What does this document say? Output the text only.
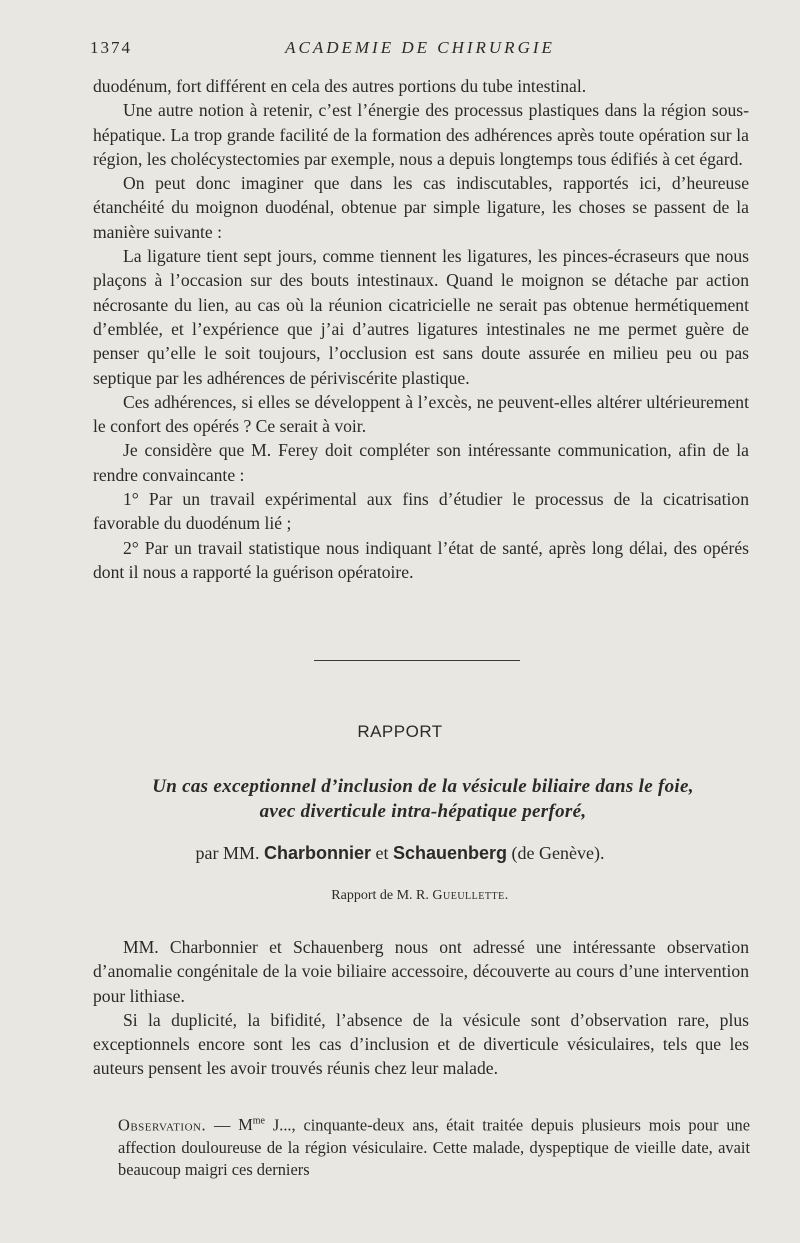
1374	ACADEMIE DE CHIRURGIE

duodénum, fort différent en cela des autres portions du tube intestinal.

Une autre notion à retenir, c’est l’énergie des processus plastiques dans la région sous-hépatique. La trop grande facilité de la formation des adhérences après toute opération sur la région, les cholécystectomies par exemple, nous a depuis longtemps tous édifiés à cet égard.

On peut donc imaginer que dans les cas indiscutables, rapportés ici, d’heureuse étanchéité du moignon duodénal, obtenue par simple ligature, les choses se passent de la manière suivante :

La ligature tient sept jours, comme tiennent les ligatures, les pinces-écraseurs que nous plaçons à l’occasion sur des bouts intestinaux. Quand le moignon se détache par action nécrosante du lien, au cas où la réunion cicatricielle ne serait pas obtenue hermétiquement d’emblée, et l’expérience que j’ai d’autres ligatures intestinales ne me permet guère de penser qu’elle le soit toujours, l’occlusion est sans doute assurée en milieu peu ou pas septique par les adhérences de périviscérite plastique.

Ces adhérences, si elles se développent à l’excès, ne peuvent-elles altérer ultérieurement le confort des opérés ? Ce serait à voir.

Je considère que M. Ferey doit compléter son intéressante communication, afin de la rendre convaincante :

1° Par un travail expérimental aux fins d’étudier le processus de la cicatrisation favorable du duodénum lié ;

2° Par un travail statistique nous indiquant l’état de santé, après long délai, des opérés dont il nous a rapporté la guérison opératoire.

RAPPORT
Un cas exceptionnel d’inclusion de la vésicule biliaire dans le foie,
avec diverticule intra-hépatique perforé,
par MM. Charbonnier et Schauenberg (de Genève).
Rapport de M. R. Gueullette.

MM. Charbonnier et Schauenberg nous ont adressé une intéressante observation d’anomalie congénitale de la voie biliaire accessoire, découverte au cours d’une intervention pour lithiase.

Si la duplicité, la bifidité, l’absence de la vésicule sont d’observation rare, plus exceptionnels encore sont les cas d’inclusion et de diverticule vésiculaires, tels que les auteurs pensent les avoir trouvés réunis chez leur malade.

Observation. — $M^{me}$ J..., cinquante-deux ans, était traitée depuis plusieurs mois pour une affection douloureuse de la région vésiculaire. Cette malade, dyspeptique de vieille date, avait beaucoup maigri ces derniers
